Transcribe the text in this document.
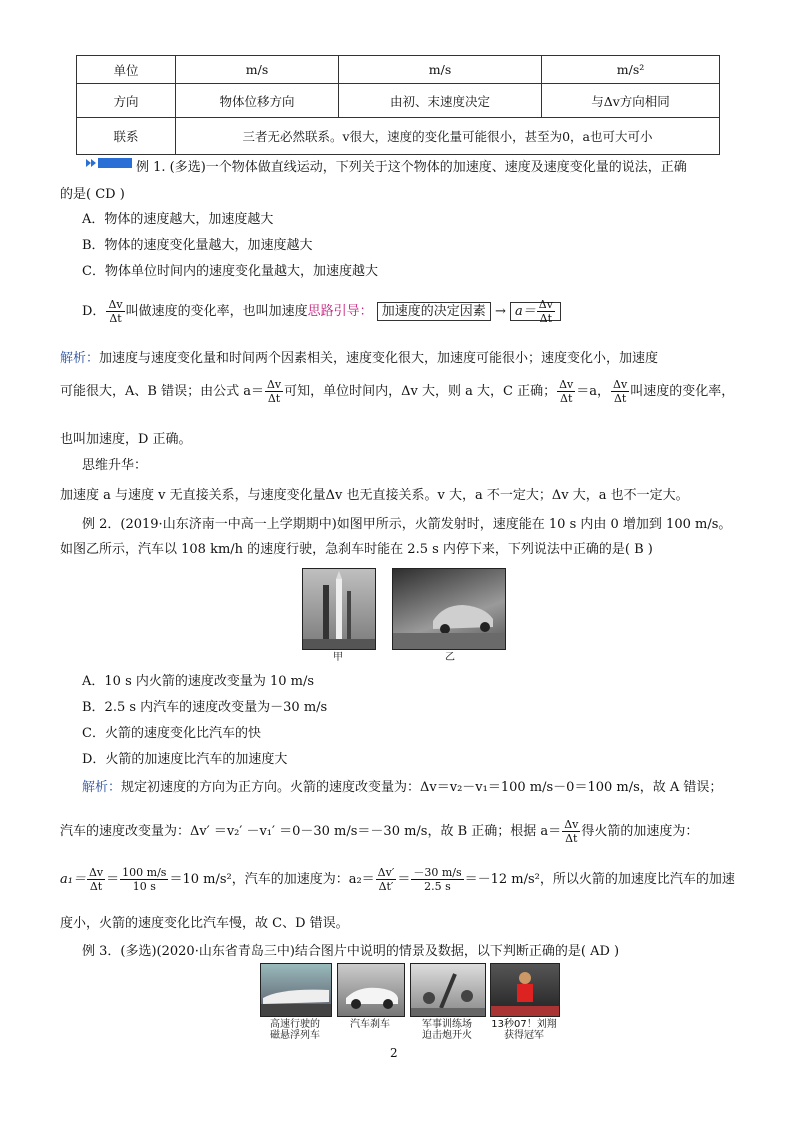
单位	m/s	m/s	m/s²
方向	物体位移方向	由初、末速度决定	与Δv方向相同
联系	三者无必然联系。v很大，速度的变化量可能很小，甚至为0，a也可大可小		
例 1. (多选)一个物体做直线运动，下列关于这个物体的加速度、速度及速度变化量的说法，正确
的是( CD )
A．物体的速度越大，加速度越大
B．物体的速度变化量越大，加速度越大
C．物体单位时间内的速度变化量越大，加速度越大
D． $\frac{\Delta v}{\Delta t}$ 叫做速度的变化率，也叫加速度思路引导： 加速度的决定因素 → $a= \frac{\Delta v}{\Delta t}$
解析：加速度与速度变化量和时间两个因素相关，速度变化很大，加速度可能很小；速度变化小，加速度
可能很大，A、B 错误；由公式 $a= \frac{\Delta v}{\Delta t}$ 可知，单位时间内，Δv 大，则 a 大，C 正确； $\frac{\Delta v}{\Delta t} =a$， $\frac{\Delta v}{\Delta t}$ 叫速度的变化率，
也叫加速度，D 正确。
思维升华：
加速度 a 与速度 v 无直接关系，与速度变化量Δv 也无直接关系。v 大，a 不一定大；Δv 大，a 也不一定大。
例 2．(2019·山东济南一中高一上学期期中)如图甲所示，火箭发射时，速度能在 10 s 内由 0 增加到 100 m/s。
如图乙所示，汽车以 108 km/h 的速度行驶，急刹车时能在 2.5 s 内停下来，下列说法中正确的是( B )
甲	乙
A．10 s 内火箭的速度改变量为 10 m/s
B．2.5 s 内汽车的速度改变量为－30 m/s
C．火箭的速度变化比汽车的快
D．火箭的加速度比汽车的加速度大
解析：规定初速度的方向为正方向。火箭的速度改变量为：Δv＝v₂－v₁＝100 m/s－0＝100 m/s，故 A 错误；
汽车的速度改变量为：Δv′ ＝v₂′ －v₁′ ＝0－30 m/s＝－30 m/s，故 B 正确；根据 $a= \frac{\Delta v}{\Delta t}$ 得火箭的加速度为：
$a_1= \frac{\Delta v}{\Delta t} = \frac{100 m/s}{10 s} =10$ m/s²，汽车的加速度为：$a_2= \frac{\Delta v'}{\Delta t'} = \frac{-30 m/s}{2.5 s} =-12$ m/s²，所以火箭的加速度比汽车的加速
度小，火箭的速度变化比汽车慢，故 C、D 错误。
例 3．(多选)(2020·山东省青岛三中)结合图片中说明的情景及数据，以下判断正确的是( AD )
高速行驶的
磁悬浮列车
汽车刹车	军事训练场
迫击炮开火
13秒07！刘翔
获得冠军
2
